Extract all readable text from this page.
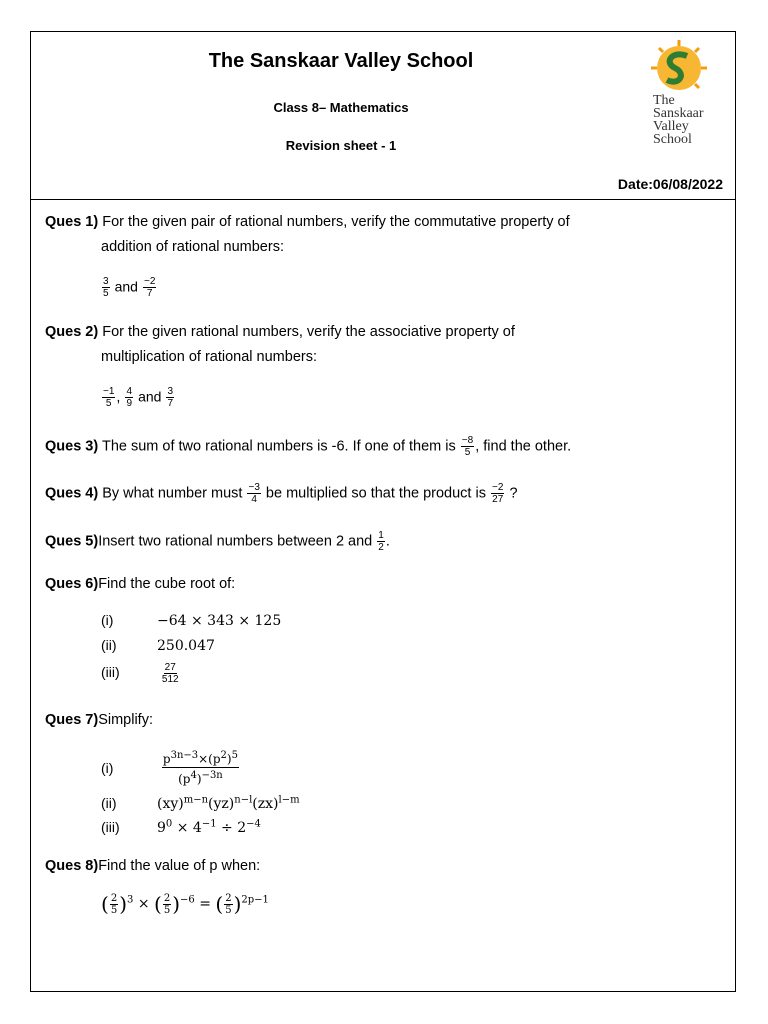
The Sanskaar Valley School
Class 8– Mathematics
Revision sheet - 1
Date:06/08/2022
The
Sanskaar
Valley
School
Ques 1) For the given pair of rational numbers, verify the commutative property of
addition of rational numbers:
$\frac{3}{5}$ and $\frac{-2}{7}$
Ques 2) For the given rational numbers, verify the associative property of
multiplication of rational numbers:
$\frac{-1}{5}$ , $\frac{4}{9}$ and $\frac{3}{7}$
Ques 3) The sum of two rational numbers is -6. If one of them is $\frac{-8}{5}$ , find the other.
Ques 4) By what number must $\frac{-3}{4}$ be multiplied so that the product is $\frac{-2}{27}$ ?
Ques 5)Insert two rational numbers between 2 and $\frac{1}{2}$ .
Ques 6)Find the cube root of:
(i)	−64 × 343 × 125
(ii)	250.047
(iii)	$\frac{27}{512}$
Ques 7)Simplify:
(i)	$\frac{p^{3n-3}\times(p^2)^5}{(p^4)^{-3n}}$
(ii)	(xy)$^{m-n}$(yz)$^{n-l}$(zx)$^{l-m}$
(iii)	$9^0 \times 4^{-1} \div 2^{-4}$
Ques 8)Find the value of p when:
( $\frac{2}{5} )^3$ × ( $\frac{2}{5} )^{-6}$ = ( $\frac{2}{5} )^{2p-1}$
